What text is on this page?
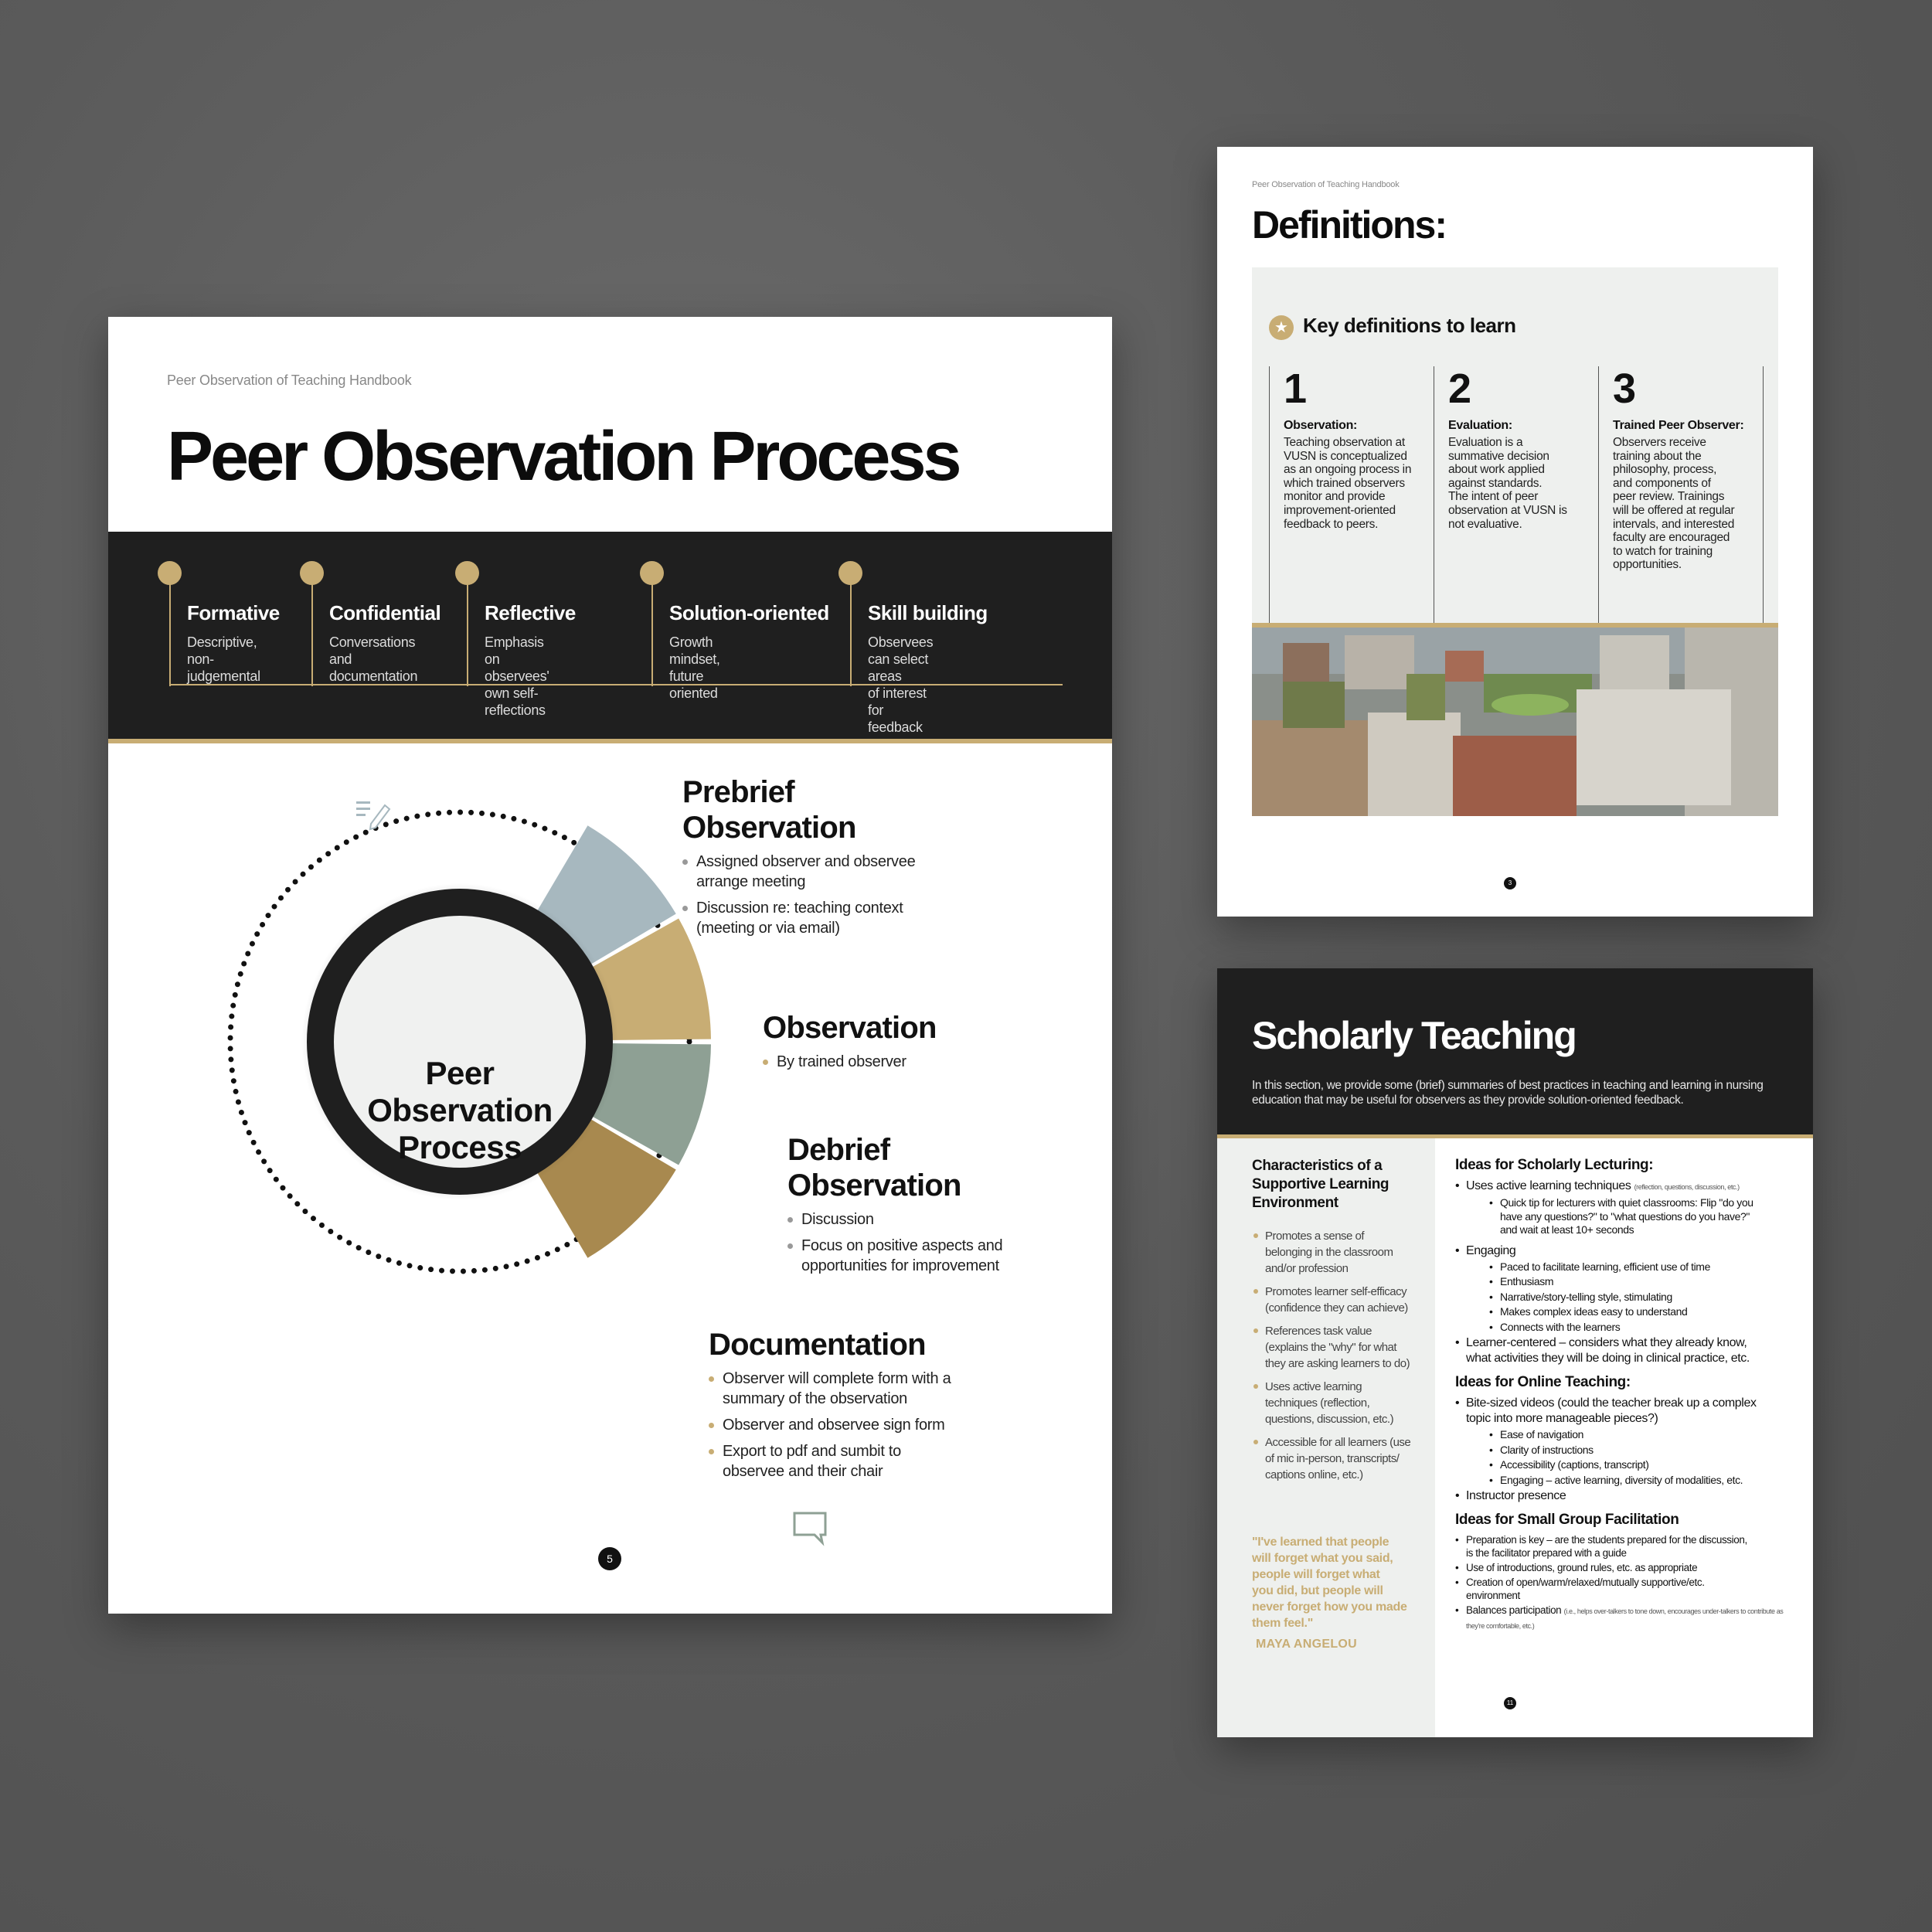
Peer Observation of Teaching Handbook
Peer Observation Process
Formative
Descriptive,
non-judgemental
Confidential
Conversations and
documentation
Reflective
Emphasis on observees'
own self-reflections
Solution-oriented
Growth mindset,
future oriented
Skill building
Observees can select areas
of interest for feedback
Peer
Observation
Process
Prebrief
Observation
Assigned observer and observee
arrange meeting
Discussion re: teaching context
(meeting or via email)
Observation
By trained observer
Debrief
Observation
Discussion
Focus on positive aspects and
opportunities for improvement
Documentation
Observer will complete form with a
summary of the observation
Observer and observee sign form
Export to pdf and sumbit to
observee and their chair
5
Peer Observation of Teaching Handbook
Definitions:
★ Key definitions to learn
1
Observation:
Teaching observation at
VUSN is conceptualized
as an ongoing process in
which trained observers
monitor and provide
improvement-oriented
feedback to peers.
2
Evaluation:
Evaluation is a
summative decision
about work applied
against standards.
The intent of peer
observation at VUSN is
not evaluative.
3
Trained Peer Observer:
Observers receive
training about the
philosophy, process,
and components of
peer review. Trainings
will be offered at regular
intervals, and interested
faculty are encouraged
to watch for training
opportunities.
3
Scholarly Teaching
In this section, we provide some (brief) summaries of best practices in teaching and learning in nursing education that may be useful for observers as they provide solution-oriented feedback.
Characteristics of a
Supportive Learning
Environment
Promotes a sense of
belonging in the classroom
and/or profession
Promotes learner self-efficacy
(confidence they can achieve)
References task value
(explains the "why" for what
they are asking learners to do)
Uses active learning
techniques (reflection,
questions, discussion, etc.)
Accessible for all learners (use
of mic in-person, transcripts/
captions online, etc.)
"I've learned that people
will forget what you said,
people will forget what
you did, but people will
never forget how you made
them feel."
MAYA ANGELOU
Ideas for Scholarly Lecturing:
• Uses active learning techniques (reflection, questions, discussion, etc.)
• Quick tip for lecturers with quiet classrooms: Flip "do you
have any questions?" to "what questions do you have?"
and wait at least 10+ seconds
• Engaging
• Paced to facilitate learning, efficient use of time
• Enthusiasm
• Narrative/story-telling style, stimulating
• Makes complex ideas easy to understand
• Connects with the learners
• Learner-centered – considers what they already know,
what activities they will be doing in clinical practice, etc.
Ideas for Online Teaching:
• Bite-sized videos (could the teacher break up a complex
topic into more manageable pieces?)
• Ease of navigation
• Clarity of instructions
• Accessibility (captions, transcript)
• Engaging – active learning, diversity of modalities, etc.
• Instructor presence
Ideas for Small Group Facilitation
• Preparation is key – are the students prepared for the discussion,
is the facilitator prepared with a guide
• Use of introductions, ground rules, etc. as appropriate
• Creation of open/warm/relaxed/mutually supportive/etc.
environment
• Balances participation (i.e., helps over-talkers to tone down, encourages under-talkers to contribute as they're comfortable, etc.)
11
